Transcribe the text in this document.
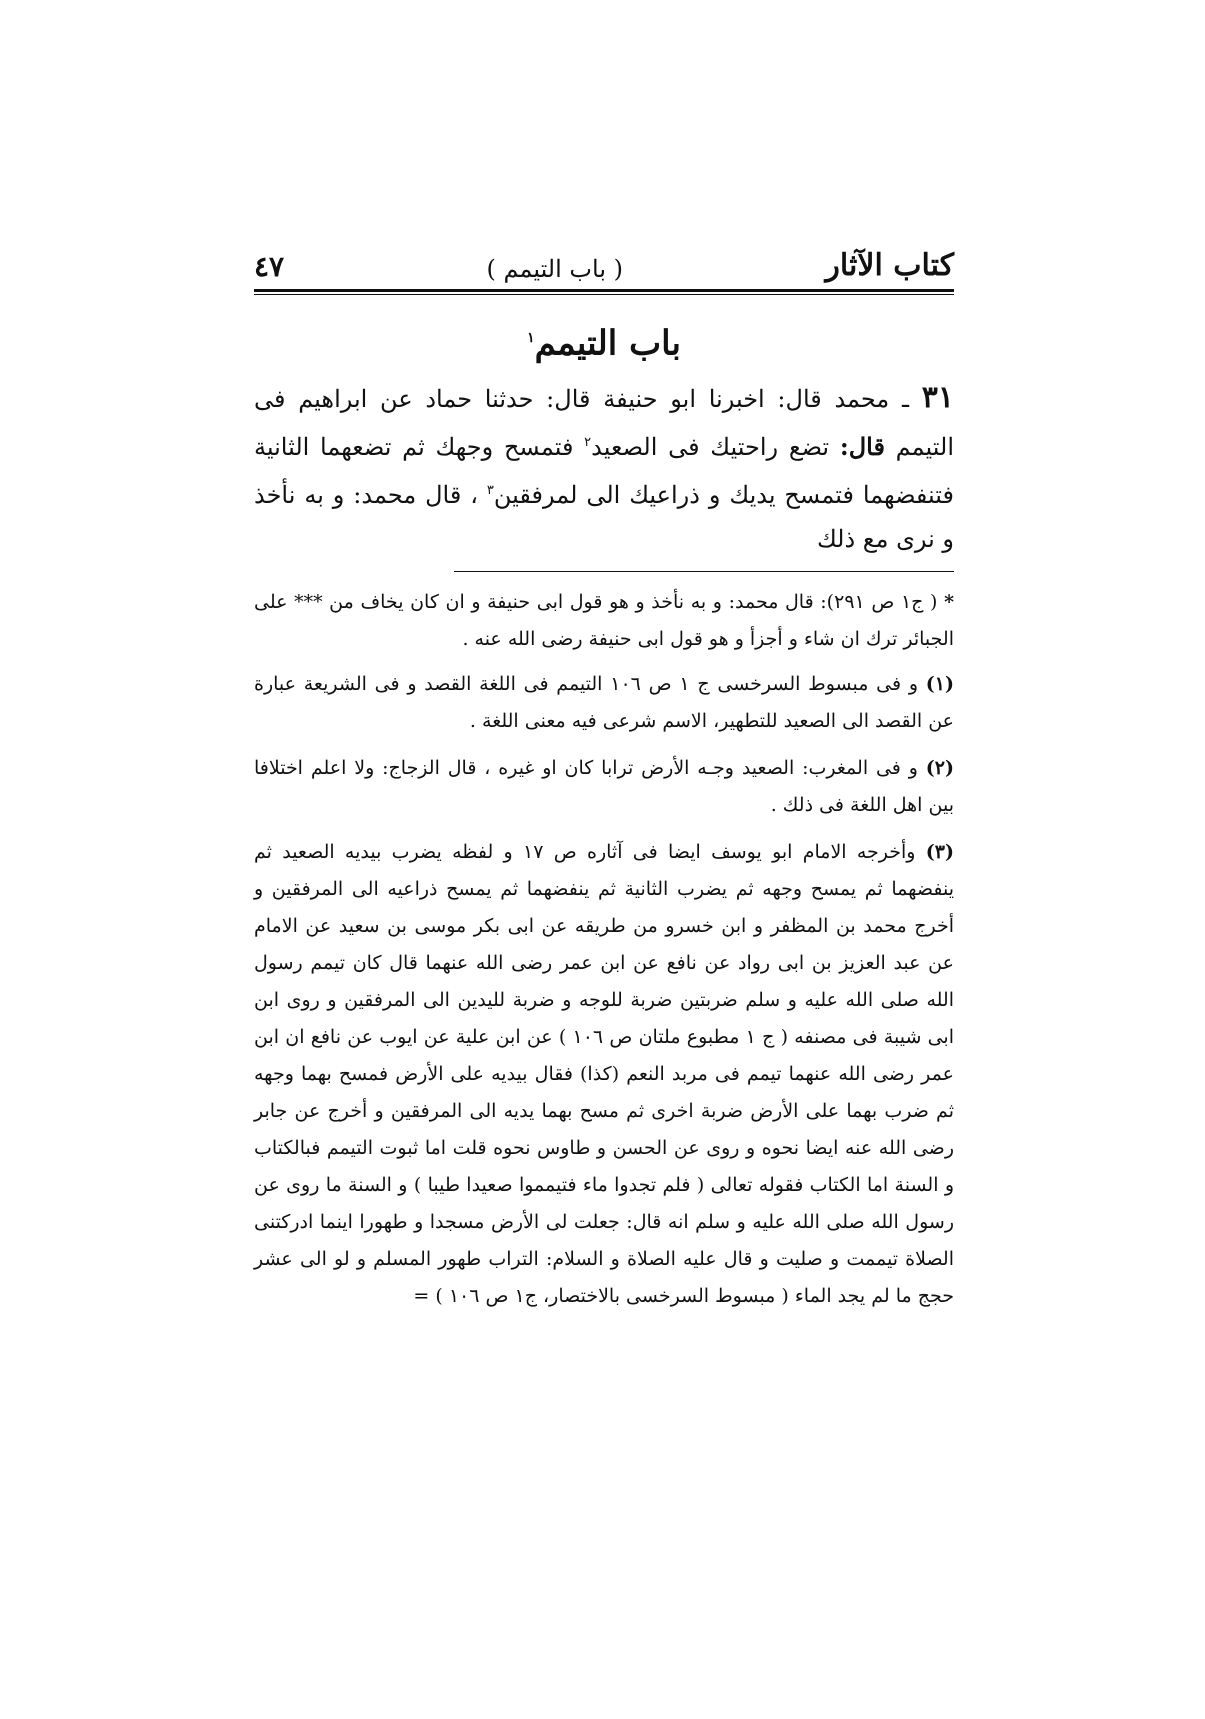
كتاب الآثار
( باب التيمم )
٤٧
باب التيمم$^١$
٣١ ـ محمد قال: اخبرنا ابو حنيفة قال: حدثنا حماد عن ابراهيم فى التيمم قال: تضع راحتيك فى الصعيد$^٢$ فتمسح وجهك ثم تضعهما الثانية فتنفضهما فتمسح يديك و ذراعيك الى لمرفقين$^٣$ ، قال محمد: و به نأخذ و نرى مع ذلك
* ( ج١ ص ٢٩١): قال محمد: و به نأخذ و هو قول ابى حنيفة و ان كان يخاف من *** على الجبائر ترك ان شاء و أجزأ و هو قول ابى حنيفة رضى الله عنه .
(١) و فى مبسوط السرخسى ج ١ ص ١٠٦ التيمم فى اللغة القصد و فى الشريعة عبارة عن القصد الى الصعيد للتطهير، الاسم شرعى فيه معنى اللغة .
(٢) و فى المغرب: الصعيد وجـه الأرض ترابا كان او غيره ، قال الزجاج: ولا اعلم اختلافا بين اهل اللغة فى ذلك .
(٣) وأخرجه الامام ابو يوسف ايضا فى آثاره ص ١٧ و لفظه يضرب بيديه الصعيد ثم ينفضهما ثم يمسح وجهه ثم يضرب الثانية ثم ينفضهما ثم يمسح ذراعيه الى المرفقين و أخرج محمد بن المظفر و ابن خسرو من طريقه عن ابى بكر موسى بن سعيد عن الامام عن عبد العزيز بن ابى رواد عن نافع عن ابن عمر رضى الله عنهما قال كان تيمم رسول الله صلى الله عليه و سلم ضربتين ضربة للوجه و ضربة لليدين الى المرفقين و روى ابن ابى شيبة فى مصنفه ( ج ١ مطبوع ملتان ص ١٠٦ ) عن ابن علية عن ايوب عن نافع ان ابن عمر رضى الله عنهما تيمم فى مربد النعم (كذا) فقال بيديه على الأرض فمسح بهما وجهه ثم ضرب بهما على الأرض ضربة اخرى ثم مسح بهما يديه الى المرفقين و أخرج عن جابر رضى الله عنه ايضا نحوه و روى عن الحسن و طاوس نحوه قلت اما ثبوت التيمم فبالكتاب و السنة اما الكتاب فقوله تعالى ( فلم تجدوا ماء فتيمموا صعيدا طيبا ) و السنة ما روى عن رسول الله صلى الله عليه و سلم انه قال: جعلت لى الأرض مسجدا و طهورا اينما ادركتنى الصلاة تيممت و صليت و قال عليه الصلاة و السلام: التراب طهور المسلم و لو الى عشر حجج ما لم يجد الماء ( مبسوط السرخسى بالاختصار، ج١ ص ١٠٦ ) =
